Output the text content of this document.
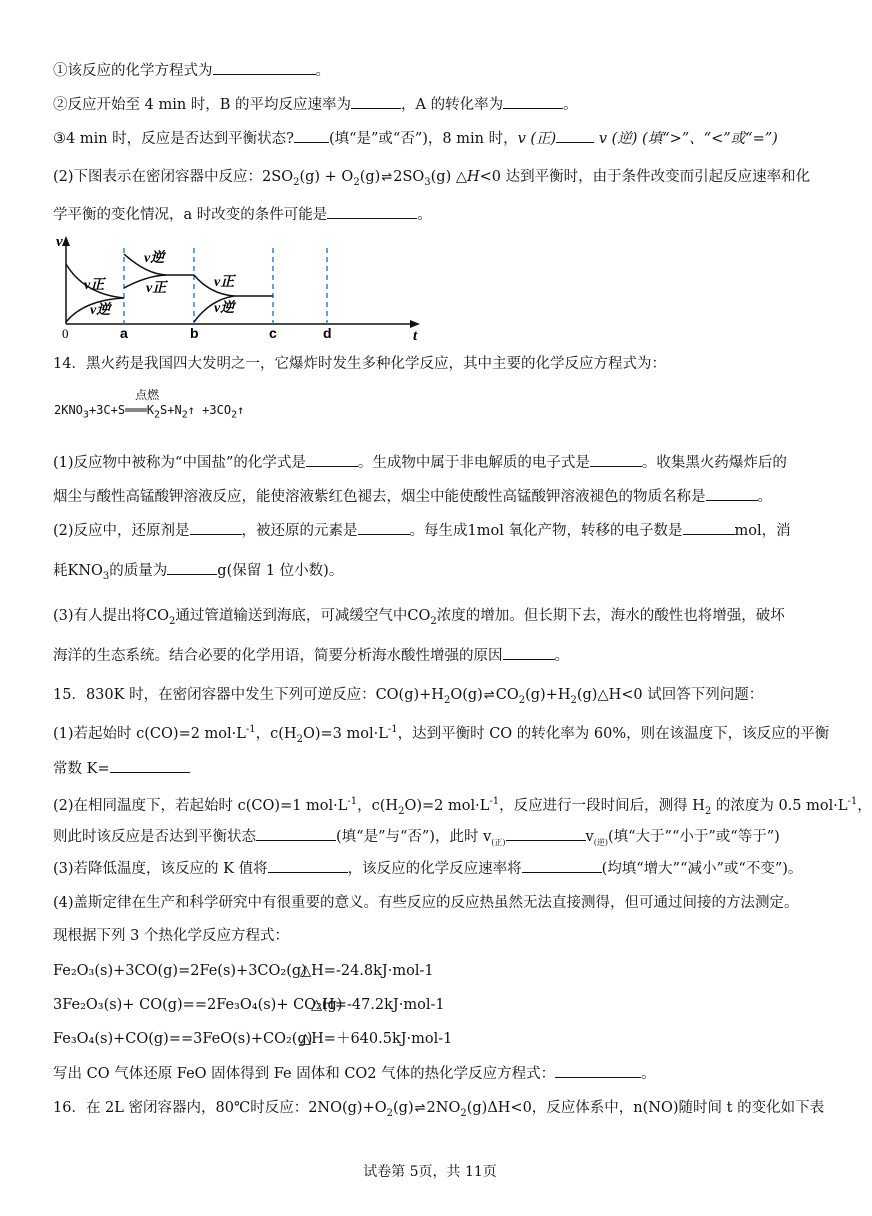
①该反应的化学方程式为	。
②反应开始至 4 min 时，B 的平均反应速率为	，A 的转化率为	。
③4 min 时，反应是否达到平衡状态? (填“是”或“否”)，8 min 时，v (正)	v (逆) (填“>”、“<”或“=”)
(2)下图表示在密闭容器中反应：$2SO_2(g)$ + $O_2(g)\rightleftharpoons 2SO_3(g)$ △H<0 达到平衡时，由于条件改变而引起反应速率和化
学平衡的变化情况，a 时改变的条件可能是	。
v
t
0	a	b	c	d
v正
v逆
v逆
v正	v正
v逆
14．黑火药是我国四大发明之一，它爆炸时发生多种化学反应，其中主要的化学反应方程式为：
$2KNO_3+3C+S$
点燃
$═══K_2S+N_2↑$ $+3CO_2↑$
(1)反应物中被称为“中国盐”的化学式是	。生成物中属于非电解质的电子式是	。收集黑火药爆炸后的
烟尘与酸性高锰酸钾溶液反应，能使溶液紫红色褪去，烟尘中能使酸性高锰酸钾溶液褪色的物质名称是	。
(2)反应中，还原剂是	，被还原的元素是	。每生成1mol 氧化产物，转移的电子数是	mol，消
耗$KNO_3$的质量为	g(保留 1 位小数)。
(3)有人提出将$CO_2$通过管道输送到海底，可减缓空气中$CO_2$浓度的增加。但长期下去，海水的酸性也将增强，破坏
海洋的生态系统。结合必要的化学用语，简要分析海水酸性增强的原因	。
15．830K 时，在密闭容器中发生下列可逆反应：$CO(g)+H_2O(g)\rightleftharpoons CO_2(g)+H_2(g)\triangle H<0$ 试回答下列问题：
(1)若起始时 c(CO)=2 $mol\cdot L^{-1}$，$c(H_2O)=3$ $mol\cdot L^{-1}$，达到平衡时 CO 的转化率为 60%，则在该温度下，该反应的平衡
常数 K=
(2)在相同温度下，若起始时 c(CO)=1 $mol\cdot L^{-1}$，$c(H_2O)=2$ $mol\cdot L^{-1}$，反应进行一段时间后，测得 $H_2$ 的浓度为 0.5 $mol\cdot L^{-1}$，
则此时该反应是否达到平衡状态	(填“是”与“否”)，此时 $v_{(正)}$	$v_{(逆)}$(填“大于”“小于”或“等于”)
(3)若降低温度，该反应的 K 值将	，该反应的化学反应速率将	(均填“增大”“减小”或“不变”)。
(4)盖斯定律在生产和科学研究中有很重要的意义。有些反应的反应热虽然无法直接测得，但可通过间接的方法测定。
现根据下列 3 个热化学反应方程式：
Fe₂O₃(s)+3CO(g)=2Fe(s)+3CO₂(g)△H=-24.8kJ·mol-1
3Fe₂O₃(s)+ CO(g)==2Fe₃O₄(s)+ CO₂(g)△H=-47.2kJ·mol-1
Fe₃O₄(s)+CO(g)==3FeO(s)+CO₂(g)△H=＋640.5kJ·mol-1
写出 CO 气体还原 FeO 固体得到 Fe 固体和 CO2 气体的热化学反应方程式：	。
16．在 2L 密闭容器内，80℃时反应：$2NO(g)+O_2(g)\rightleftharpoons 2NO_2(g)\Delta H<0$，反应体系中，n(NO)随时间 t 的变化如下表
试卷第 5页，共 11页
